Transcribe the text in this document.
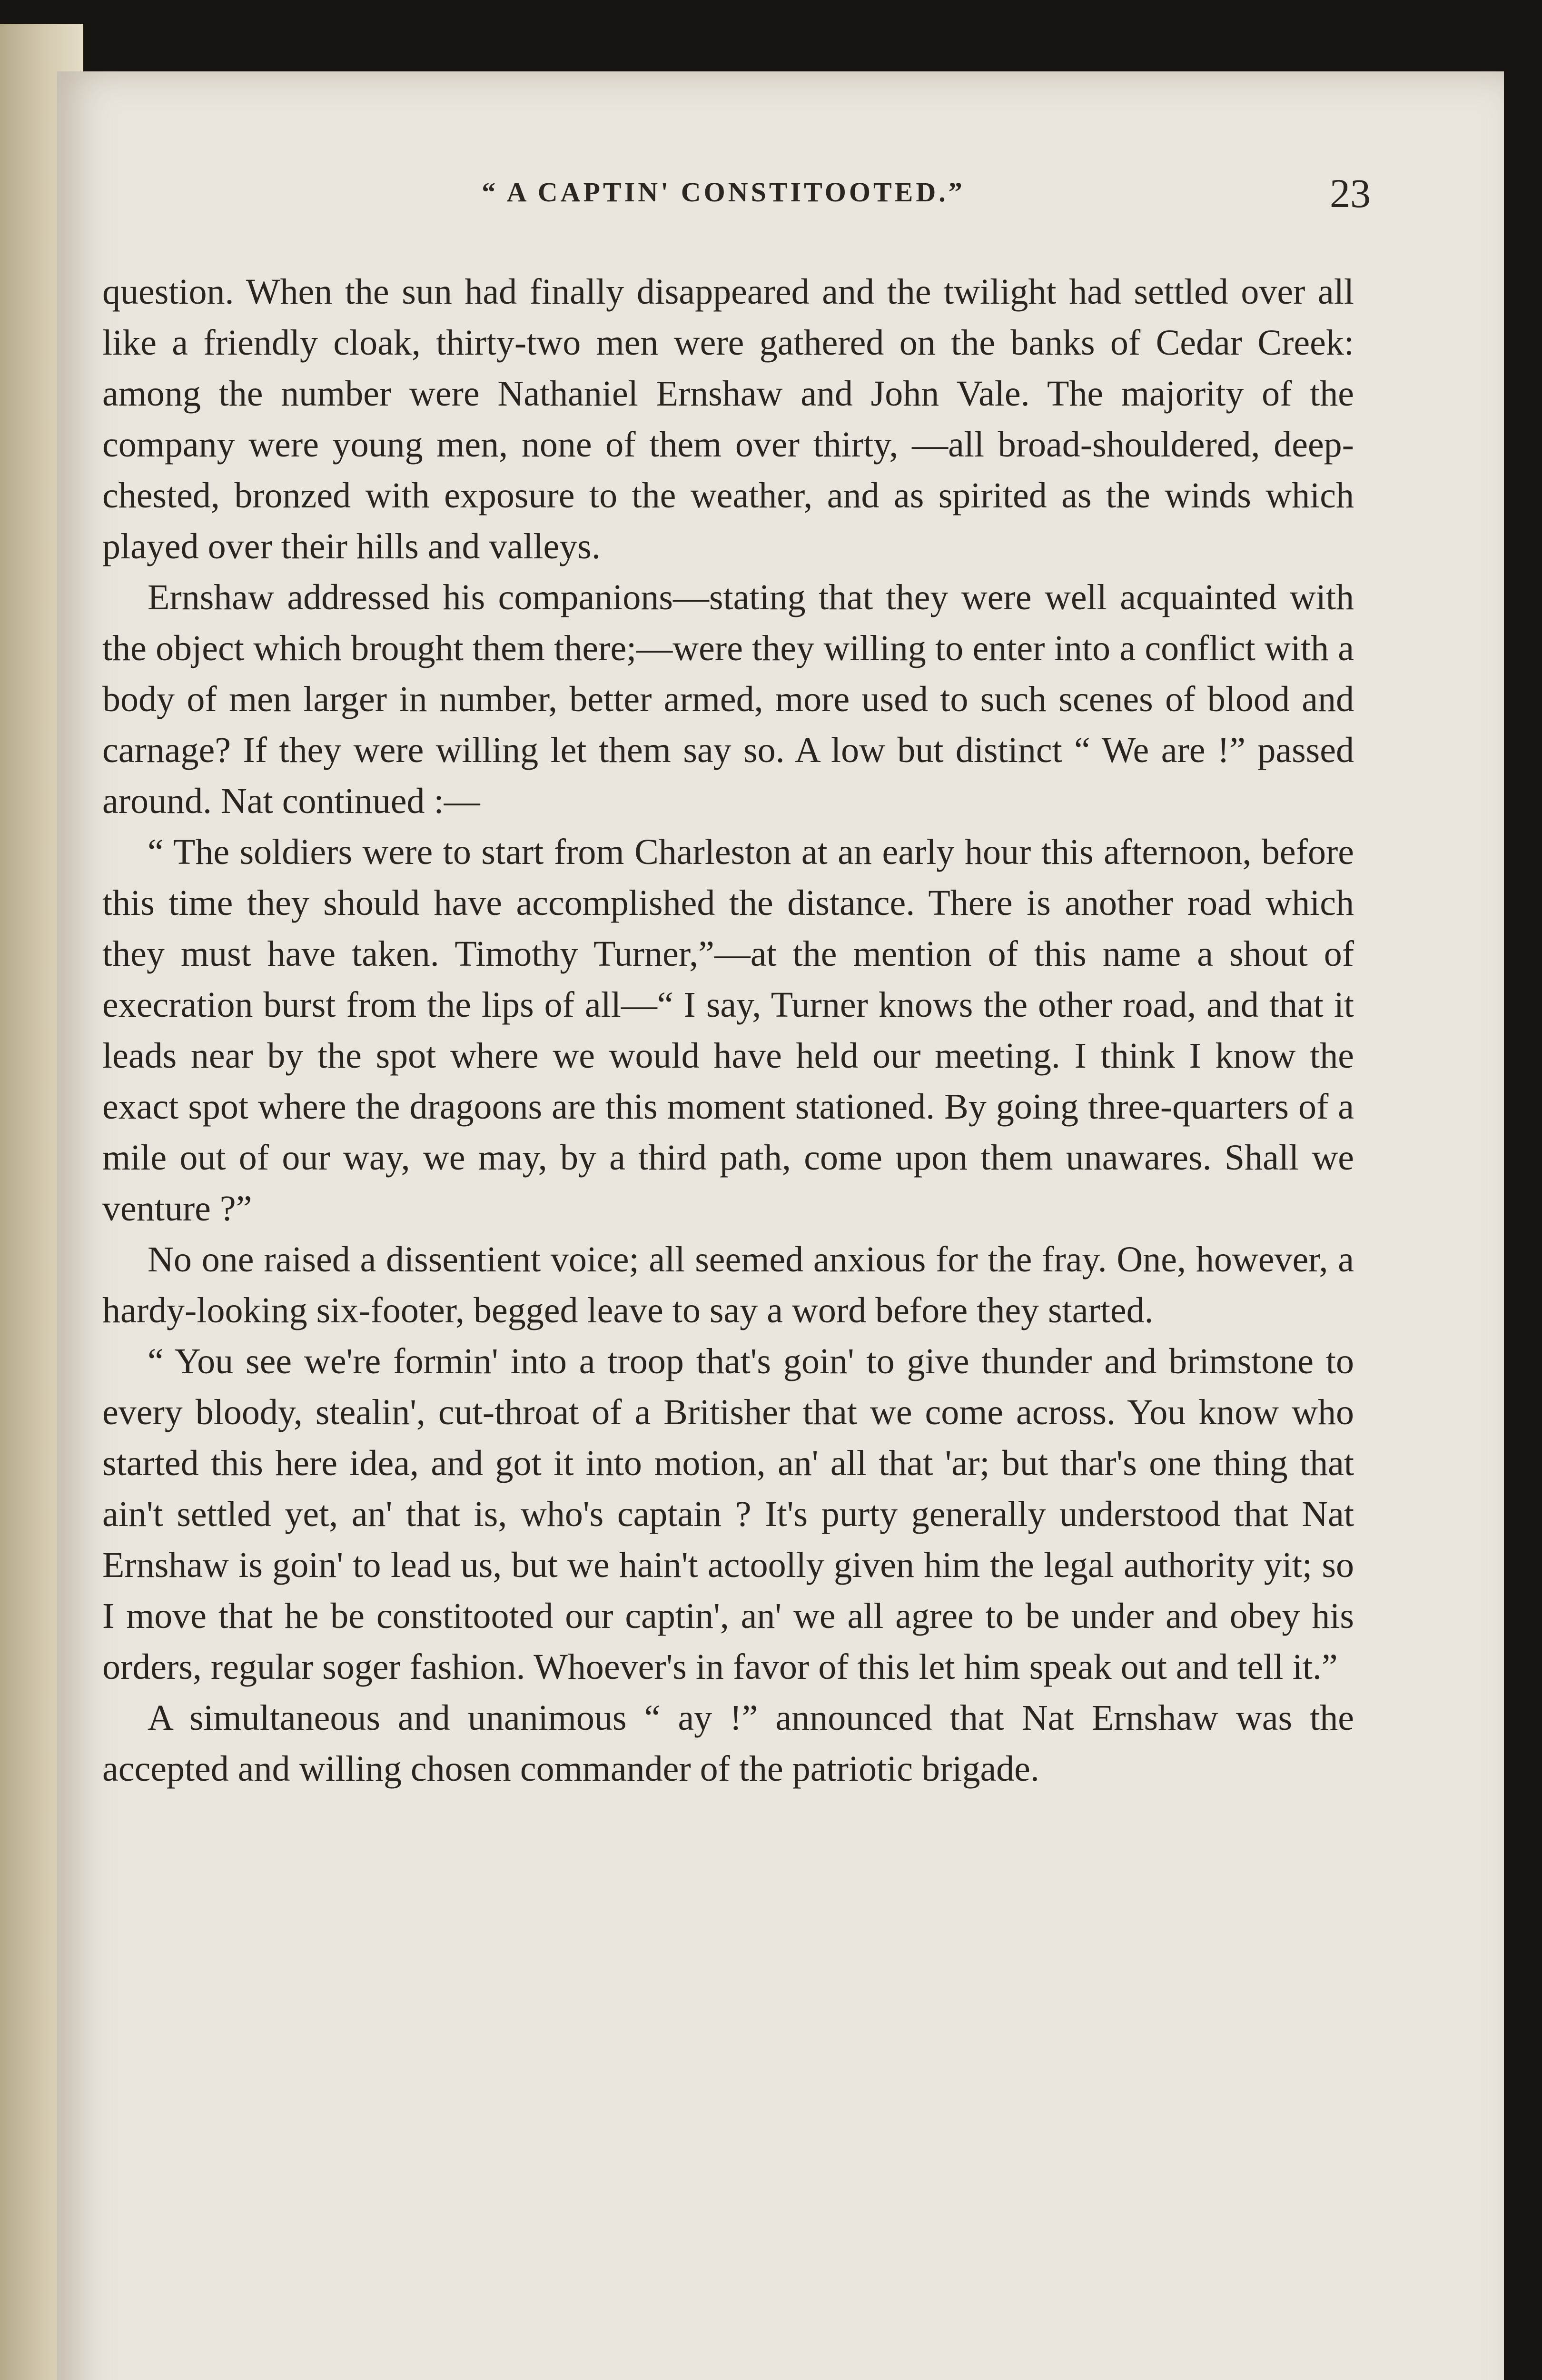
“ A CAPTIN' CONSTITOOTED.”	23

question. When the sun had finally disappeared and the twilight had settled over all like a friendly cloak, thirty-two men were gathered on the banks of Cedar Creek: among the number were Nathaniel Ernshaw and John Vale. The majority of the company were young men, none of them over thirty, —all broad-shouldered, deep-chested, bronzed with exposure to the weather, and as spirited as the winds which played over their hills and valleys.

Ernshaw addressed his companions—stating that they were well acquainted with the object which brought them there;—were they willing to enter into a conflict with a body of men larger in number, better armed, more used to such scenes of blood and carnage? If they were willing let them say so. A low but distinct “ We are !” passed around. Nat continued :—

“ The soldiers were to start from Charleston at an early hour this afternoon, before this time they should have accomplished the distance. There is another road which they must have taken. Timothy Turner,”—at the mention of this name a shout of execration burst from the lips of all—“ I say, Turner knows the other road, and that it leads near by the spot where we would have held our meeting. I think I know the exact spot where the dragoons are this moment stationed. By going three-quarters of a mile out of our way, we may, by a third path, come upon them unawares. Shall we venture ?”

No one raised a dissentient voice; all seemed anxious for the fray. One, however, a hardy-looking six-footer, begged leave to say a word before they started.

“ You see we're formin' into a troop that's goin' to give thunder and brimstone to every bloody, stealin', cut-throat of a Britisher that we come across. You know who started this here idea, and got it into motion, an' all that 'ar; but thar's one thing that ain't settled yet, an' that is, who's captain ? It's purty generally understood that Nat Ernshaw is goin' to lead us, but we hain't actoolly given him the legal authority yit; so I move that he be constitooted our captin', an' we all agree to be under and obey his orders, regular soger fashion. Whoever's in favor of this let him speak out and tell it.”

A simultaneous and unanimous “ ay !” announced that Nat Ernshaw was the accepted and willing chosen commander of the patriotic brigade.
